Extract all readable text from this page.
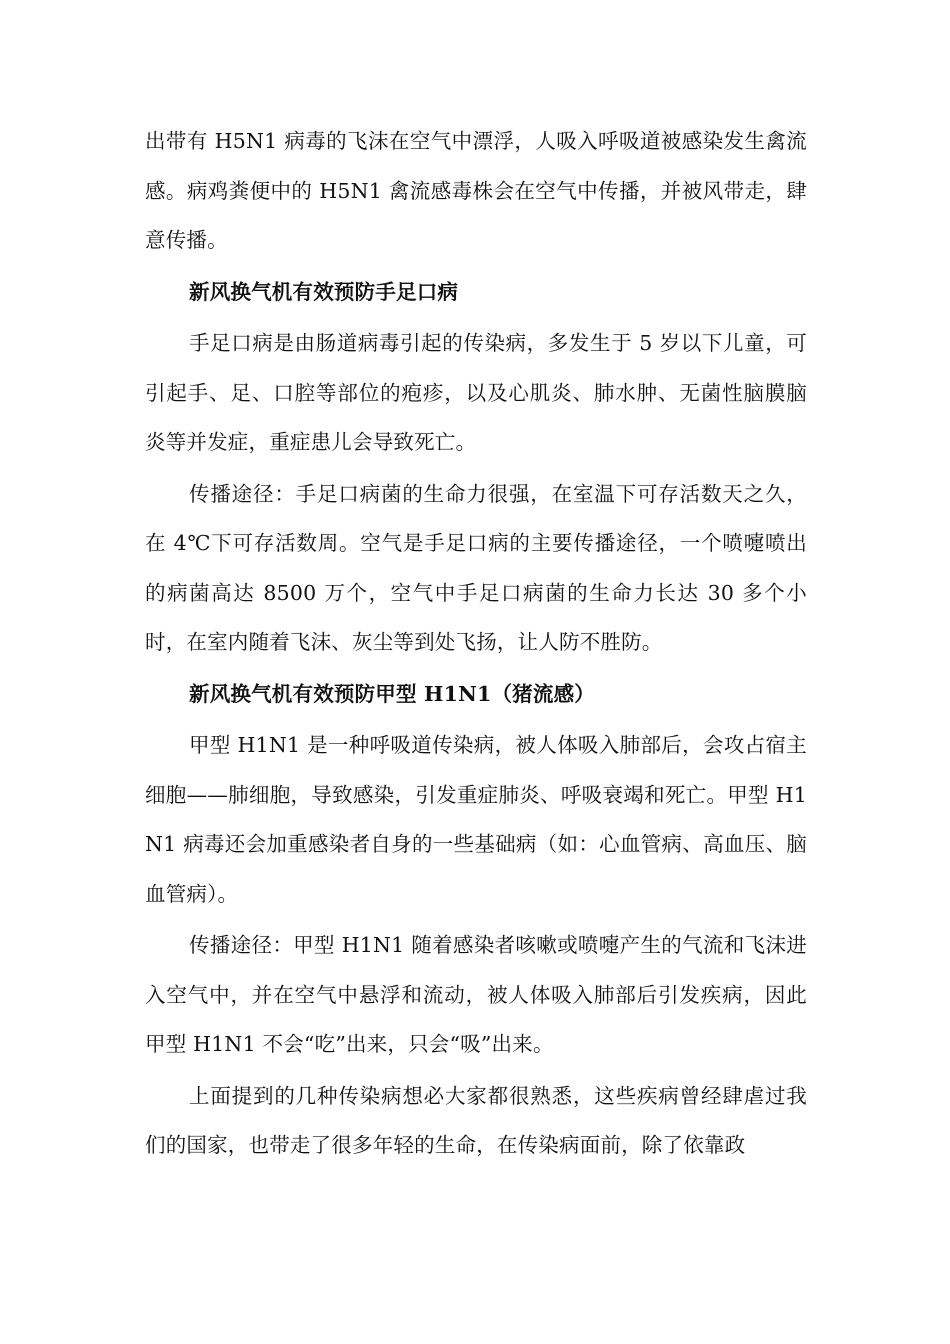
出带有 H5N1 病毒的飞沫在空气中漂浮，人吸入呼吸道被感染发生禽流感。病鸡粪便中的 H5N1 禽流感毒株会在空气中传播，并被风带走，肆意传播。

新风换气机有效预防手足口病

手足口病是由肠道病毒引起的传染病，多发生于 5 岁以下儿童，可引起手、足、口腔等部位的疱疹，以及心肌炎、肺水肿、无菌性脑膜脑炎等并发症，重症患儿会导致死亡。

传播途径：手足口病菌的生命力很强，在室温下可存活数天之久，在 4℃下可存活数周。空气是手足口病的主要传播途径，一个喷嚏喷出的病菌高达 8500 万个，空气中手足口病菌的生命力长达 30 多个小时，在室内随着飞沫、灰尘等到处飞扬，让人防不胜防。

新风换气机有效预防甲型 H1N1（猪流感）

甲型 H1N1 是一种呼吸道传染病，被人体吸入肺部后，会攻占宿主细胞——肺细胞，导致感染，引发重症肺炎、呼吸衰竭和死亡。甲型 H1N1 病毒还会加重感染者自身的一些基础病（如：心血管病、高血压、脑血管病）。

传播途径：甲型 H1N1 随着感染者咳嗽或喷嚏产生的气流和飞沫进入空气中，并在空气中悬浮和流动，被人体吸入肺部后引发疾病，因此甲型 H1N1 不会“吃”出来，只会“吸”出来。

上面提到的几种传染病想必大家都很熟悉，这些疾病曾经肆虐过我们的国家，也带走了很多年轻的生命，在传染病面前，除了依靠政
